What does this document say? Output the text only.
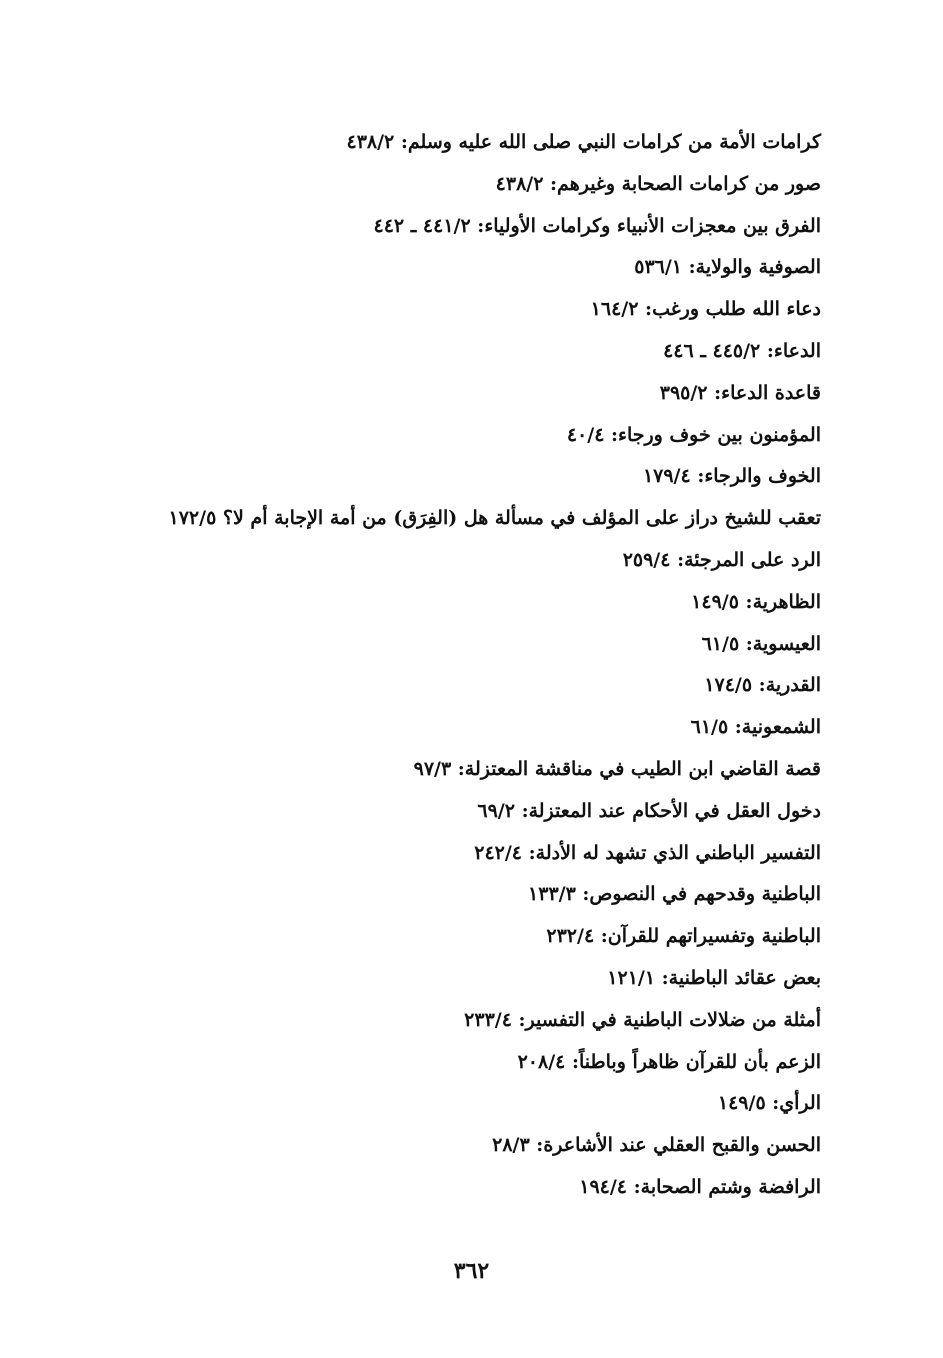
كرامات الأمة من كرامات النبي صلى الله عليه وسلم: ٤٣٨/٢
صور من كرامات الصحابة وغيرهم: ٤٣٨/٢
الفرق بين معجزات الأنبياء وكرامات الأولياء: ٤٤١/٢ ـ ٤٤٢
الصوفية والولاية: ٥٣٦/١
دعاء الله طلب ورغب: ١٦٤/٢
الدعاء: ٤٤٥/٢ ـ ٤٤٦
قاعدة الدعاء: ٣٩٥/٢
المؤمنون بين خوف ورجاء: ٤٠/٤
الخوف والرجاء: ١٧٩/٤
تعقب للشيخ دراز على المؤلف في مسألة هل (الفِرَق) من أمة الإجابة أم لا؟ ١٧٢/٥
الرد على المرجئة: ٢٥٩/٤
الظاهرية: ١٤٩/٥
العيسوية: ٦١/٥
القدرية: ١٧٤/٥
الشمعونية: ٦١/٥
قصة القاضي ابن الطيب في مناقشة المعتزلة: ٩٧/٣
دخول العقل في الأحكام عند المعتزلة: ٦٩/٢
التفسير الباطني الذي تشهد له الأدلة: ٢٤٢/٤
الباطنية وقدحهم في النصوص: ١٣٣/٣
الباطنية وتفسيراتهم للقرآن: ٢٣٢/٤
بعض عقائد الباطنية: ١٢١/١
أمثلة من ضلالات الباطنية في التفسير: ٢٣٣/٤
الزعم بأن للقرآن ظاهراً وباطناً: ٢٠٨/٤
الرأي: ١٤٩/٥
الحسن والقبح العقلي عند الأشاعرة: ٢٨/٣
الرافضة وشتم الصحابة: ١٩٤/٤
٣٦٢
